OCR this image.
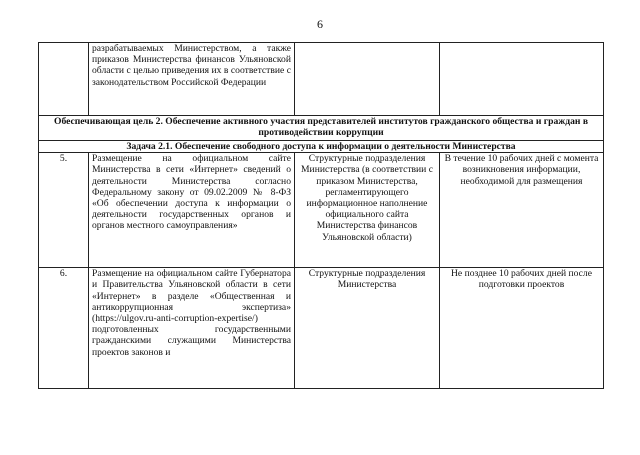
6
	разрабатываемых Министерством, а также приказов Министерства финансов Ульяновской области с целью приведения их в соответствие с законодательством Российской Федерации		
Обеспечивающая цель 2. Обеспечение активного участия представителей институтов гражданского общества и граждан в противодействии коррупции			
Задача 2.1. Обеспечение свободного доступа к информации о деятельности Министерства			
5.	Размещение на официальном сайте Министерства в сети «Интернет» сведений о деятельности Министерства согласно Федеральному закону от 09.02.2009 № 8-ФЗ «Об обеспечении доступа к информации о деятельности государственных органов и органов местного самоуправления»	Структурные подразделения Министерства (в соответствии с приказом Министерства, регламентирующего информационное наполнение официального сайта Министерства финансов Ульяновской области)	В течение 10 рабочих дней с момента возникновения информации, необходимой для размещения
6.	Размещение на официальном сайте Губернатора и Правительства Ульяновской области в сети «Интернет» в разделе «Общественная и антикоррупционная экспертиза» (https://ulgov.ru-anti-corruption-expertise/) подготовленных государственными гражданскими служащими Министерства проектов законов и	Структурные подразделения Министерства	Не позднее 10 рабочих дней после подготовки проектов
